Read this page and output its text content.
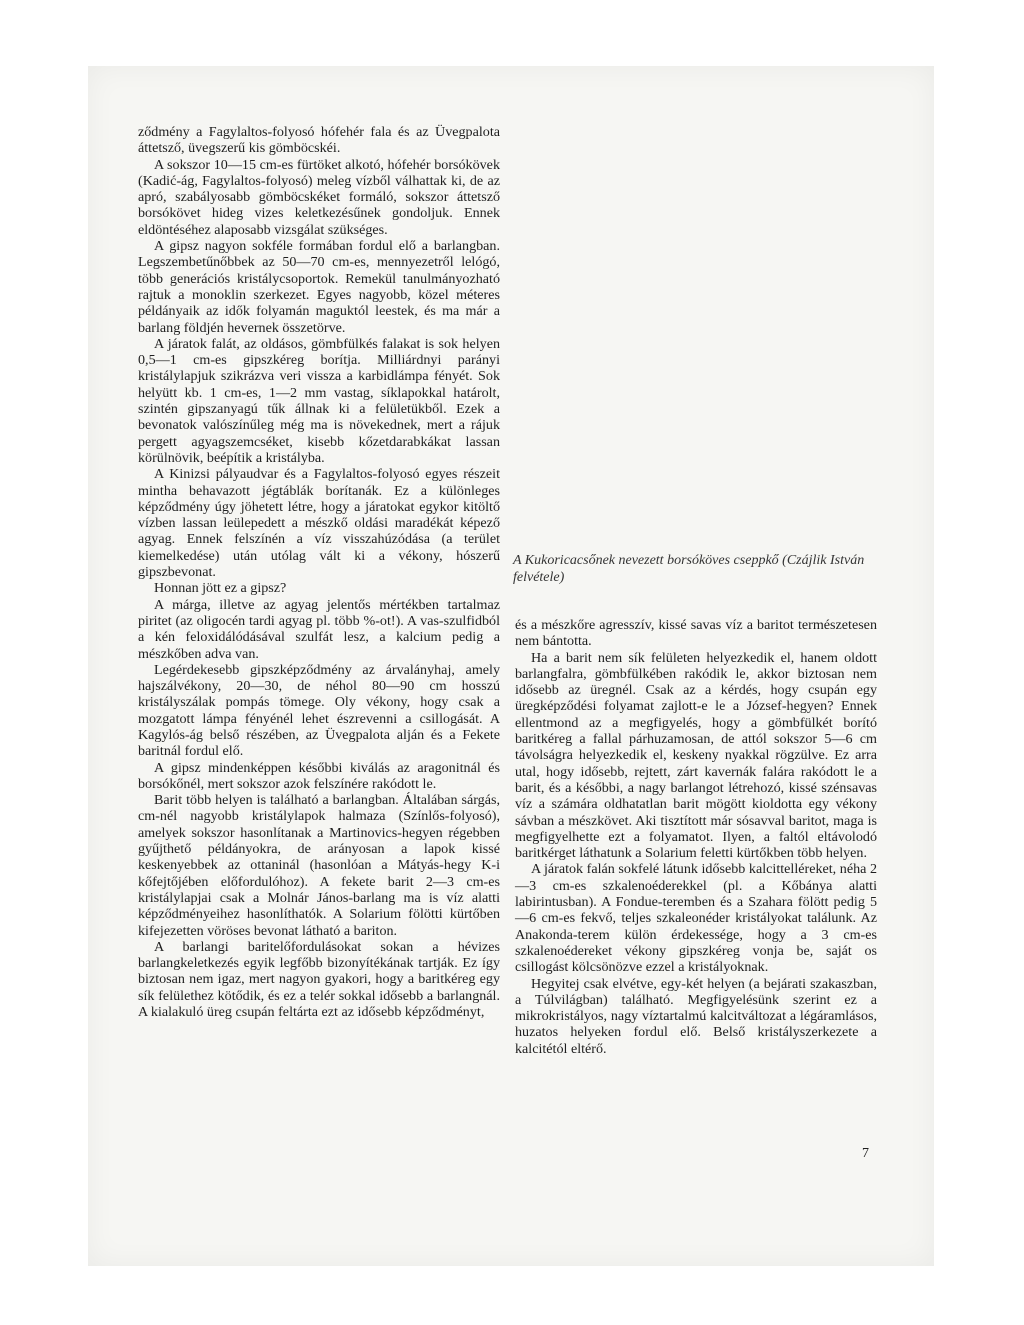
ződmény a Fagylaltos-folyosó hófehér fala és az Üvegpalota áttetsző, üvegszerű kis gömböcskéi.

A sokszor 10—15 cm-es fürtöket alkotó, hófehér borsókövek (Kadić-ág, Fagylaltos-folyosó) meleg vízből válhattak ki, de az apró, szabályosabb gömböcskéket formáló, sokszor áttetsző borsókövet hideg vizes keletkezésűnek gondoljuk. Ennek eldöntéséhez alaposabb vizsgálat szükséges.

A gipsz nagyon sokféle formában fordul elő a barlangban. Legszembetűnőbbek az 50—70 cm-es, mennyezetről lelógó, több generációs kristálycsoportok. Remekül tanulmányozható rajtuk a monoklin szerkezet. Egyes nagyobb, közel méteres példányaik az idők folyamán maguktól leestek, és ma már a barlang földjén hevernek összetörve.

A járatok falát, az oldásos, gömbfülkés falakat is sok helyen 0,5—1 cm-es gipszkéreg borítja. Milliárdnyi parányi kristálylapjuk szikrázva veri vissza a karbidlámpa fényét. Sok helyütt kb. 1 cm-es, 1—2 mm vastag, síklapokkal határolt, szintén gipszanyagú tűk állnak ki a felületükből. Ezek a bevonatok valószínűleg még ma is növekednek, mert a rájuk pergett agyagszemcséket, kisebb kőzetdarabkákat lassan körülnövik, beépítik a kristályba.

A Kinizsi pályaudvar és a Fagylaltos-folyosó egyes részeit mintha behavazott jégtáblák borítanák. Ez a különleges képződmény úgy jöhetett létre, hogy a járatokat egykor kitöltő vízben lassan leülepedett a mészkő oldási maradékát képező agyag. Ennek felszínén a víz visszahúzódása (a terület kiemelkedése) után utólag vált ki a vékony, hószerű gipszbevonat.

Honnan jött ez a gipsz?

A márga, illetve az agyag jelentős mértékben tartalmaz piritet (az oligocén tardi agyag pl. több %-ot!). A vas-szulfidból a kén feloxidálódásával szulfát lesz, a kalcium pedig a mészkőben adva van.

Legérdekesebb gipszképződmény az árvalányhaj, amely hajszálvékony, 20—30, de néhol 80—90 cm hosszú kristályszálak pompás tömege. Oly vékony, hogy csak a mozgatott lámpa fényénél lehet észrevenni a csillogását. A Kagylós-ág belső részében, az Üvegpalota alján és a Fekete baritnál fordul elő.

A gipsz mindenképpen későbbi kiválás az aragonitnál és borsókőnél, mert sokszor azok felszínére rakódott le.

Barit több helyen is található a barlangban. Általában sárgás, cm-nél nagyobb kristálylapok halmaza (Színlős-folyosó), amelyek sokszor hasonlítanak a Martinovics-hegyen régebben gyűjthető példányokra, de arányosan a lapok kissé keskenyebbek az ottaninál (hasonlóan a Mátyás-hegy K-i kőfejtőjében előfordulóhoz). A fekete barit 2—3 cm-es kristálylapjai csak a Molnár János-barlang ma is víz alatti képződményeihez hasonlíthatók. A Solarium fölötti kürtőben kifejezetten vöröses bevonat látható a bariton.

A barlangi baritelőfordulásokat sokan a hévizes barlangkeletkezés egyik legfőbb bizonyítékának tartják. Ez így biztosan nem igaz, mert nagyon gyakori, hogy a baritkéreg egy sík felülethez kötődik, és ez a telér sokkal idősebb a barlangnál. A kialakuló üreg csupán feltárta ezt az idősebb képződményt,

A Kukoricacsőnek nevezett borsóköves cseppkő (Czájlik István felvétele)

és a mészkőre agresszív, kissé savas víz a baritot természetesen nem bántotta.

Ha a barit nem sík felületen helyezkedik el, hanem oldott barlangfalra, gömbfülkében rakódik le, akkor biztosan nem idősebb az üregnél. Csak az a kérdés, hogy csupán egy üregképződési folyamat zajlott-e le a József-hegyen? Ennek ellentmond az a megfigyelés, hogy a gömbfülkét borító baritkéreg a fallal párhuzamosan, de attól sokszor 5—6 cm távolságra helyezkedik el, keskeny nyakkal rögzülve. Ez arra utal, hogy idősebb, rejtett, zárt kavernák falára rakódott le a barit, és a későbbi, a nagy barlangot létrehozó, kissé szénsavas víz a számára oldhatatlan barit mögött kioldotta egy vékony sávban a mészkövet. Aki tisztított már sósavval baritot, maga is megfigyelhette ezt a folyamatot. Ilyen, a faltól eltávolodó baritkérget láthatunk a Solarium feletti kürtőkben több helyen.

A járatok falán sokfelé látunk idősebb kalcittelléreket, néha 2—3 cm-es szkalenoéderekkel (pl. a Kőbánya alatti labirintusban). A Fondue-teremben és a Szahara fölött pedig 5—6 cm-es fekvő, teljes szkaleonéder kristályokat találunk. Az Anakonda-terem külön érdekessége, hogy a 3 cm-es szkalenoédereket vékony gipszkéreg vonja be, saját os csillogást kölcsönözve ezzel a kristályoknak.

Hegyitej csak elvétve, egy-két helyen (a bejárati szakaszban, a Túlvilágban) található. Megfigyelésünk szerint ez a mikrokristályos, nagy víztartalmú kalcitváltozat a légáramlásos, huzatos helyeken fordul elő. Belső kristályszerkezete a kalcitétól eltérő.

7
